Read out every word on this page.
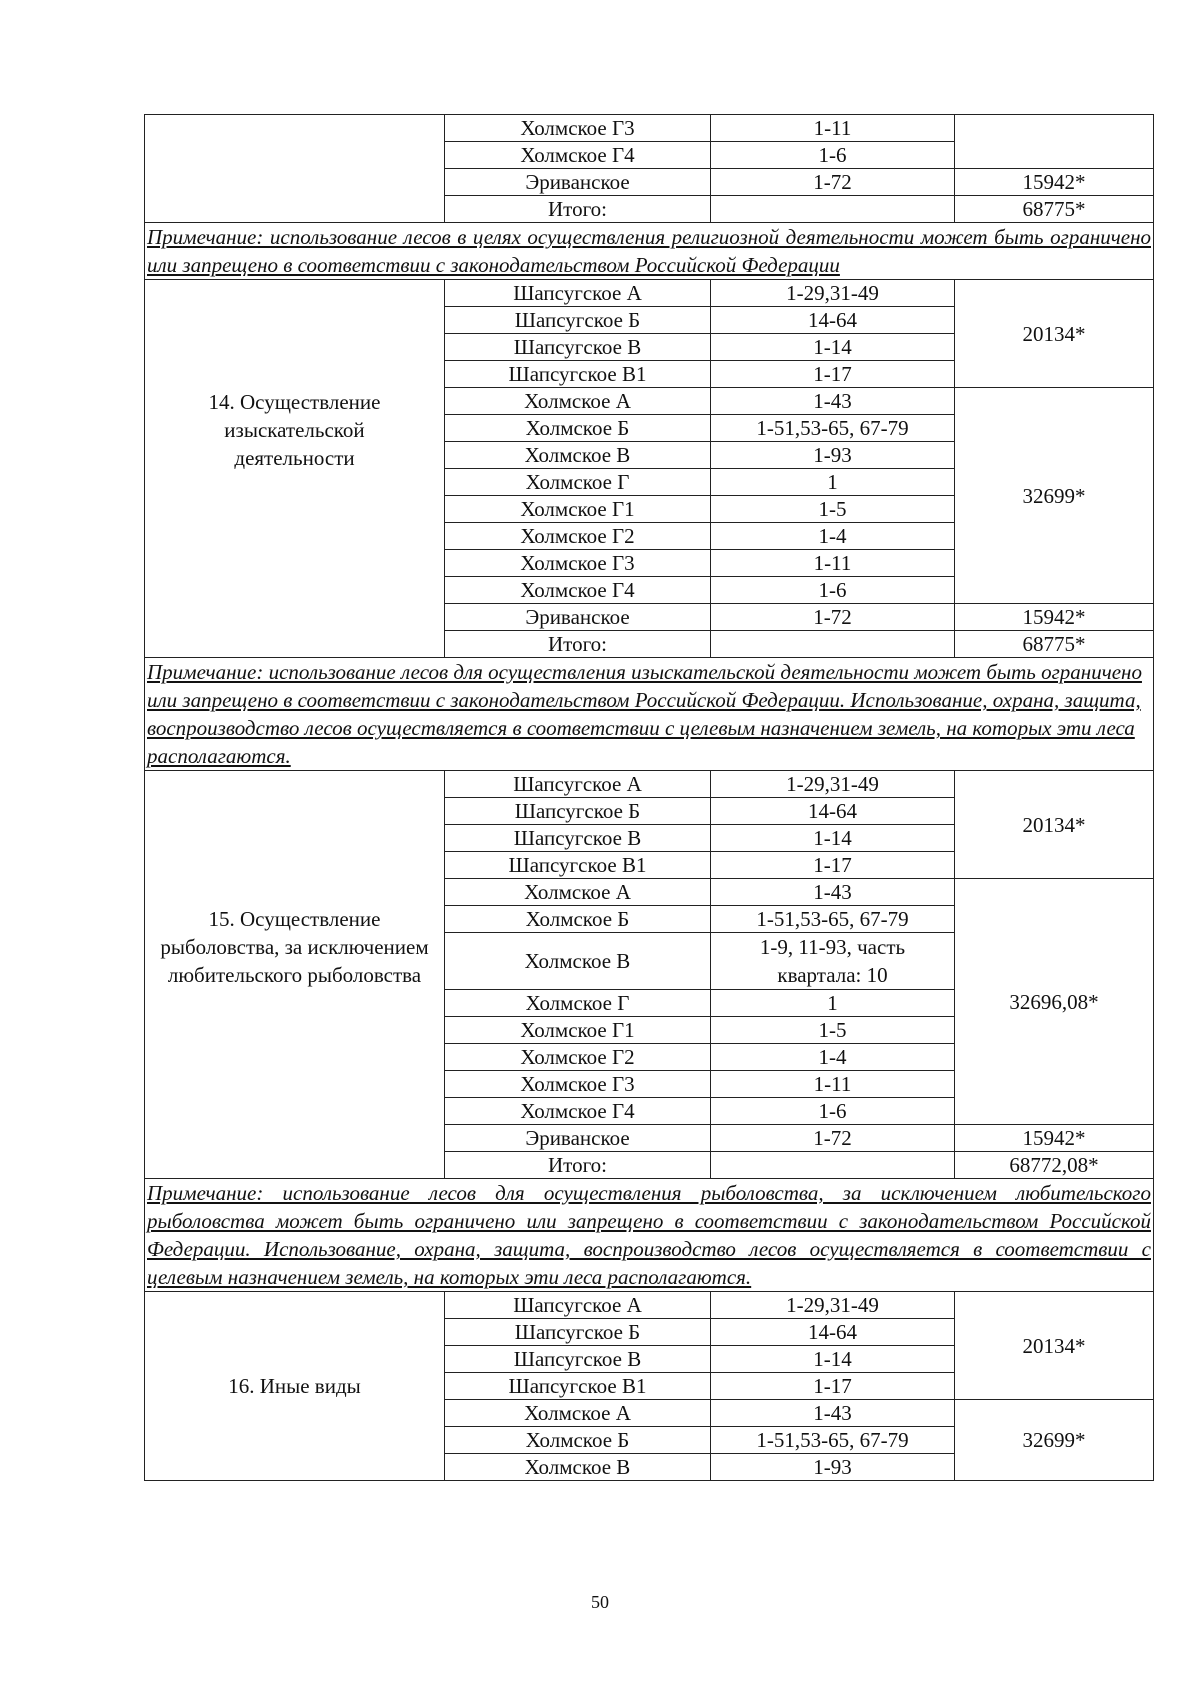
	Холмское Г3	1-11	
	Холмское Г4	1-6	
	Эриванское	1-72	15942*
	Итого:		68775*
Примечание: использование лесов в целях осуществления религиозной деятельности может быть ограничено или запрещено в соответствии с законодательством Российской Федерации			

14. Осуществление изыскательской деятельности	Шапсугское А	1-29,31-49	20134*
	Шапсугское Б	14-64	
	Шапсугское В	1-14	
	Шапсугское В1	1-17	
	Холмское А	1-43	32699*
	Холмское Б	1-51,53-65, 67-79	
	Холмское В	1-93	
	Холмское Г	1	
	Холмское Г1	1-5	
	Холмское Г2	1-4	
	Холмское Г3	1-11	
	Холмское Г4	1-6	
	Эриванское	1-72	15942*
	Итого:		68775*
Примечание: использование лесов для осуществления изыскательской деятельности может быть ограничено или запрещено в соответствии с законодательством Российской Федерации. Использование, охрана, защита, воспроизводство лесов осуществляется в соответствии с целевым назначением земель, на которых эти леса располагаются.			

15. Осуществление рыболовства, за исключением любительского рыболовства	Шапсугское А	1-29,31-49	20134*
	Шапсугское Б	14-64	
	Шапсугское В	1-14	
	Шапсугское В1	1-17	
	Холмское А	1-43	32696,08*
	Холмское Б	1-51,53-65, 67-79	
	Холмское В	1-9, 11-93, часть квартала: 10	
	Холмское Г	1	
	Холмское Г1	1-5	
	Холмское Г2	1-4	
	Холмское Г3	1-11	
	Холмское Г4	1-6	
	Эриванское	1-72	15942*
	Итого:		68772,08*
Примечание: использование лесов для осуществления рыболовства, за исключением любительского рыболовства может быть ограничено или запрещено в соответствии с законодательством Российской Федерации. Использование, охрана, защита, воспроизводство лесов осуществляется в соответствии с целевым назначением земель, на которых эти леса располагаются.			
16. Иные виды	Шапсугское А	1-29,31-49	20134*
	Шапсугское Б	14-64	
	Шапсугское В	1-14	
	Шапсугское В1	1-17	
	Холмское А	1-43	32699*
	Холмское Б	1-51,53-65, 67-79	
	Холмское В	1-93	
50
